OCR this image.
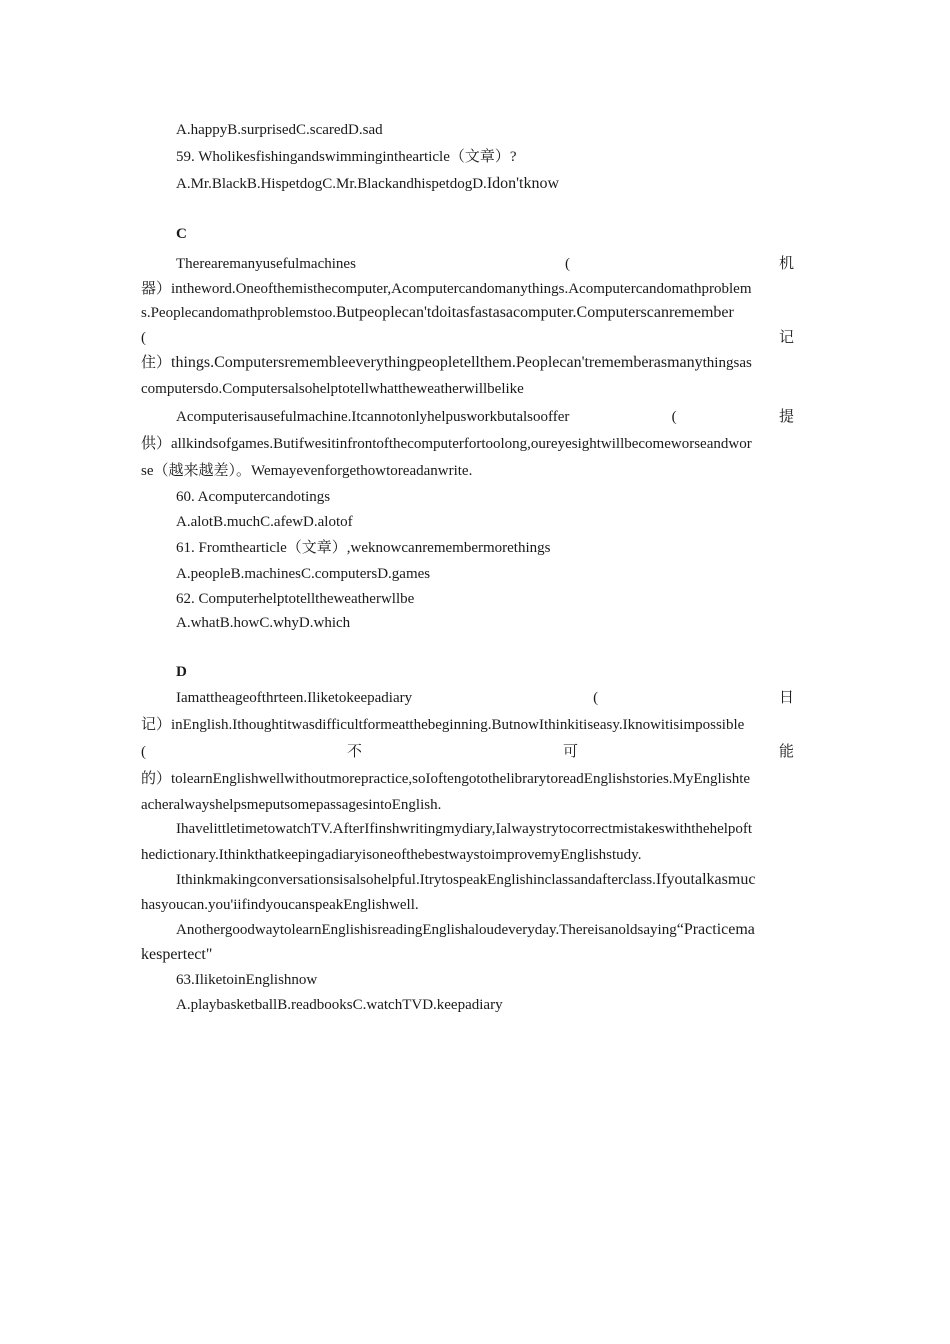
A.happyB.surprisedC.scaredD.sad
59. Wholikesfishingandswimminginthearticle（文章）?
A.Mr.BlackB.HispetdogC.Mr.BlackandhispetdogD.Idon'tknow
C
Therearemanyusefulmachines	(	机
器）intheword.Oneofthemisthecomputer,Acomputercandomanythings.Acomputercandomathproblem
s.Peoplecandomathproblemstoo.Butpeoplecan'tdoitasfastasacomputer.Computerscanremember
(	记
住）things.Computersremembleeverythingpeopletellthem.Peoplecan'trememberasmanythingsas
computersdo.Computersalsohelptotellwhattheweatherwillbelike
Acomputerisausefulmachine.Itcannotonlyhelpusworkbutalsooffer	(	提
供）allkindsofgames.Butifwesitinfrontofthecomputerfortoolong,oureyesightwillbecomeworseandwor
se（越来越差）。Wemayevenforgethowtoreadanwrite.
60. Acomputercandotings
A.alotB.muchC.afewD.alotof
61. Fromthearticle（文章）,weknowcanremembermorethings
A.peopleB.machinesC.computersD.games
62. Computerhelptotelltheweatherwllbe
A.whatB.howC.whyD.which
D
Iamattheageofthrteen.Iliketokeepadiary	(	日
记）inEnglish.Ithoughtitwasdifficultformeatthebeginning.ButnowIthinkitiseasy.Iknowitisimpossible
(	不	可	能
的）tolearnEnglishwellwithoutmorepractice,soIoftengotothelibrarytoreadEnglishstories.MyEnglishte
acheralwayshelpsmeputsomepassagesintoEnglish.
IhavelittletimetowatchTV.AfterIfinshwritingmydiary,Ialwaystrytocorrectmistakeswiththehelpoft
hedictionary.IthinkthatkeepingadiaryisoneofthebestwaystoimprovemyEnglishstudy.
Ithinkmakingconversationsisalsohelpful.ItrytospeakEnglishinclassandafterclass.Ifyoutalkasmuc
hasyoucan.you'iifindyoucanspeakEnglishwell.
AnothergoodwaytolearnEnglishisreadingEnglishaloudeveryday.Thereisanoldsaying“Practicema
kespertect"
63.IliketoinEnglishnow
A.playbasketballB.readbooksC.watchTVD.keepadiary
